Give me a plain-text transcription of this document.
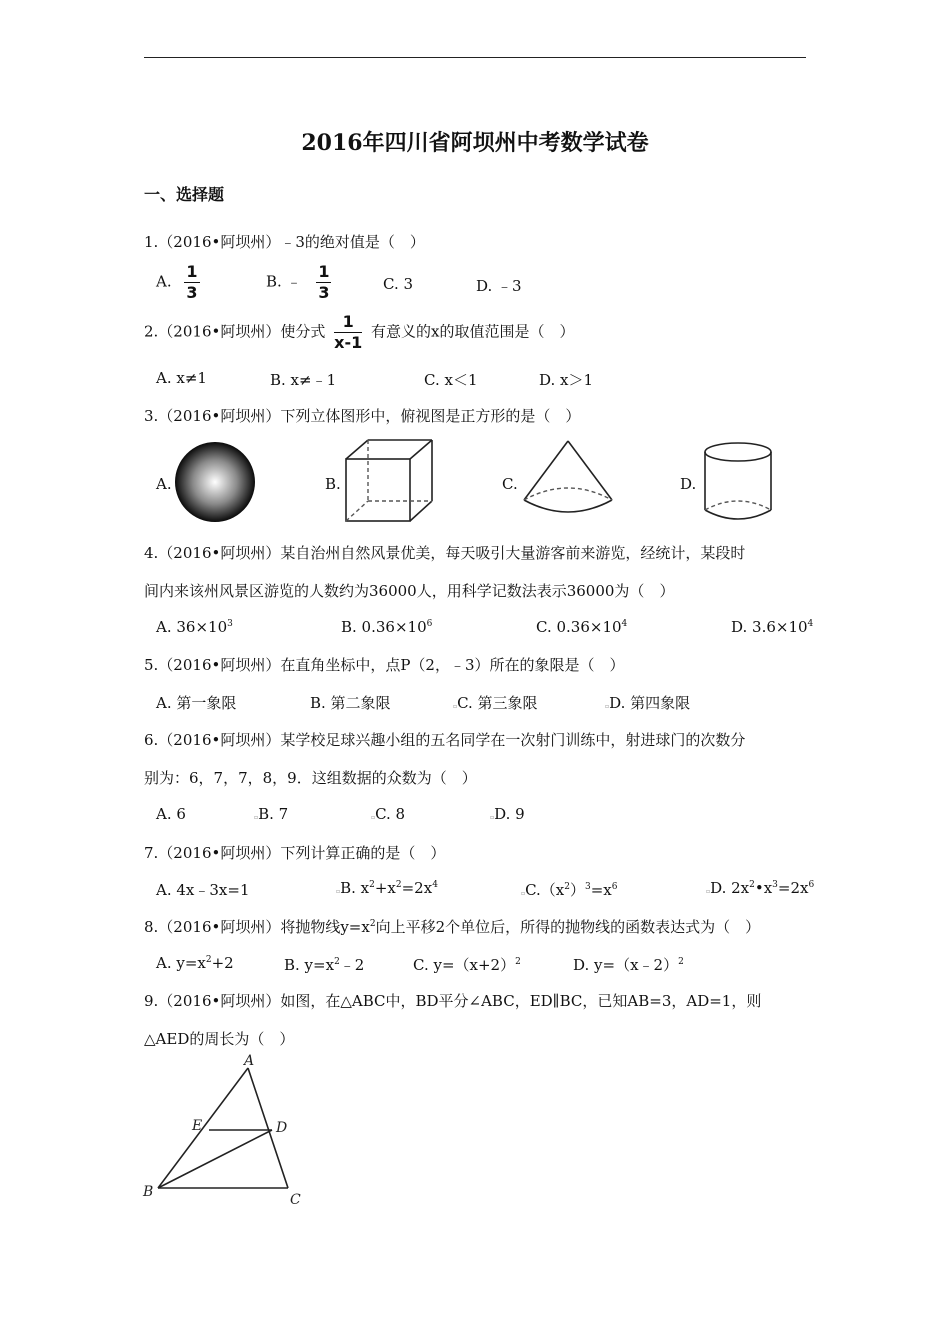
2016年四川省阿坝州中考数学试卷
一、选择题
1.（2016•阿坝州）﹣3的绝对值是（　）
A. $\frac{1}{3}$	B. ﹣ $\frac{1}{3}$	C. 3	D. ﹣3
2.（2016•阿坝州）使分式 $\frac{1}{x-1}$ 有意义的x的取值范围是（　）
A. x≠1	B. x≠﹣1	C. x＜1	D. x＞1
3.（2016•阿坝州）下列立体图形中，俯视图是正方形的是（　）
A.	B.	C.	D.
4.（2016•阿坝州）某自治州自然风景优美，每天吸引大量游客前来游览，经统计，某段时
间内来该州风景区游览的人数约为36000人，用科学记数法表示36000为（　）
A. $36\times 10^3$	B. $0.36\times 10^6$	C. $0.36\times 10^4$	D. $3.6\times 10^4$
5.（2016•阿坝州）在直角坐标中，点P（2，﹣3）所在的象限是（　）
A. 第一象限	B. 第二象限	▫C. 第三象限	▫D. 第四象限
6.（2016•阿坝州）某学校足球兴趣小组的五名同学在一次射门训练中，射进球门的次数分
别为：6，7，7，8，9．这组数据的众数为（　）
A. 6	▫B. 7	▫C. 8	▫D. 9
7.（2016•阿坝州）下列计算正确的是（　）
A. 4x﹣3x=1	▫B. $x^2+x^2=2x^4$
$▫C.(x^2)^3=x^6$	▫D. $2x^2•x^3=2x^6$
8.（2016•阿坝州）将抛物线$y=x^2$向上平移2个单位后，所得的抛物线的函数表达式为（　）
A. $y=x^2+2$	B. $y=x^2﹣2$	C. $y=(x+2)^2$	D. y=（x﹣2）$^2$
9.（2016•阿坝州）如图，在△ABC中，BD平分∠ABC，ED∥BC，已知AB=3，AD=1，则
△AED的周长为（　）
A
E	D
B	C
